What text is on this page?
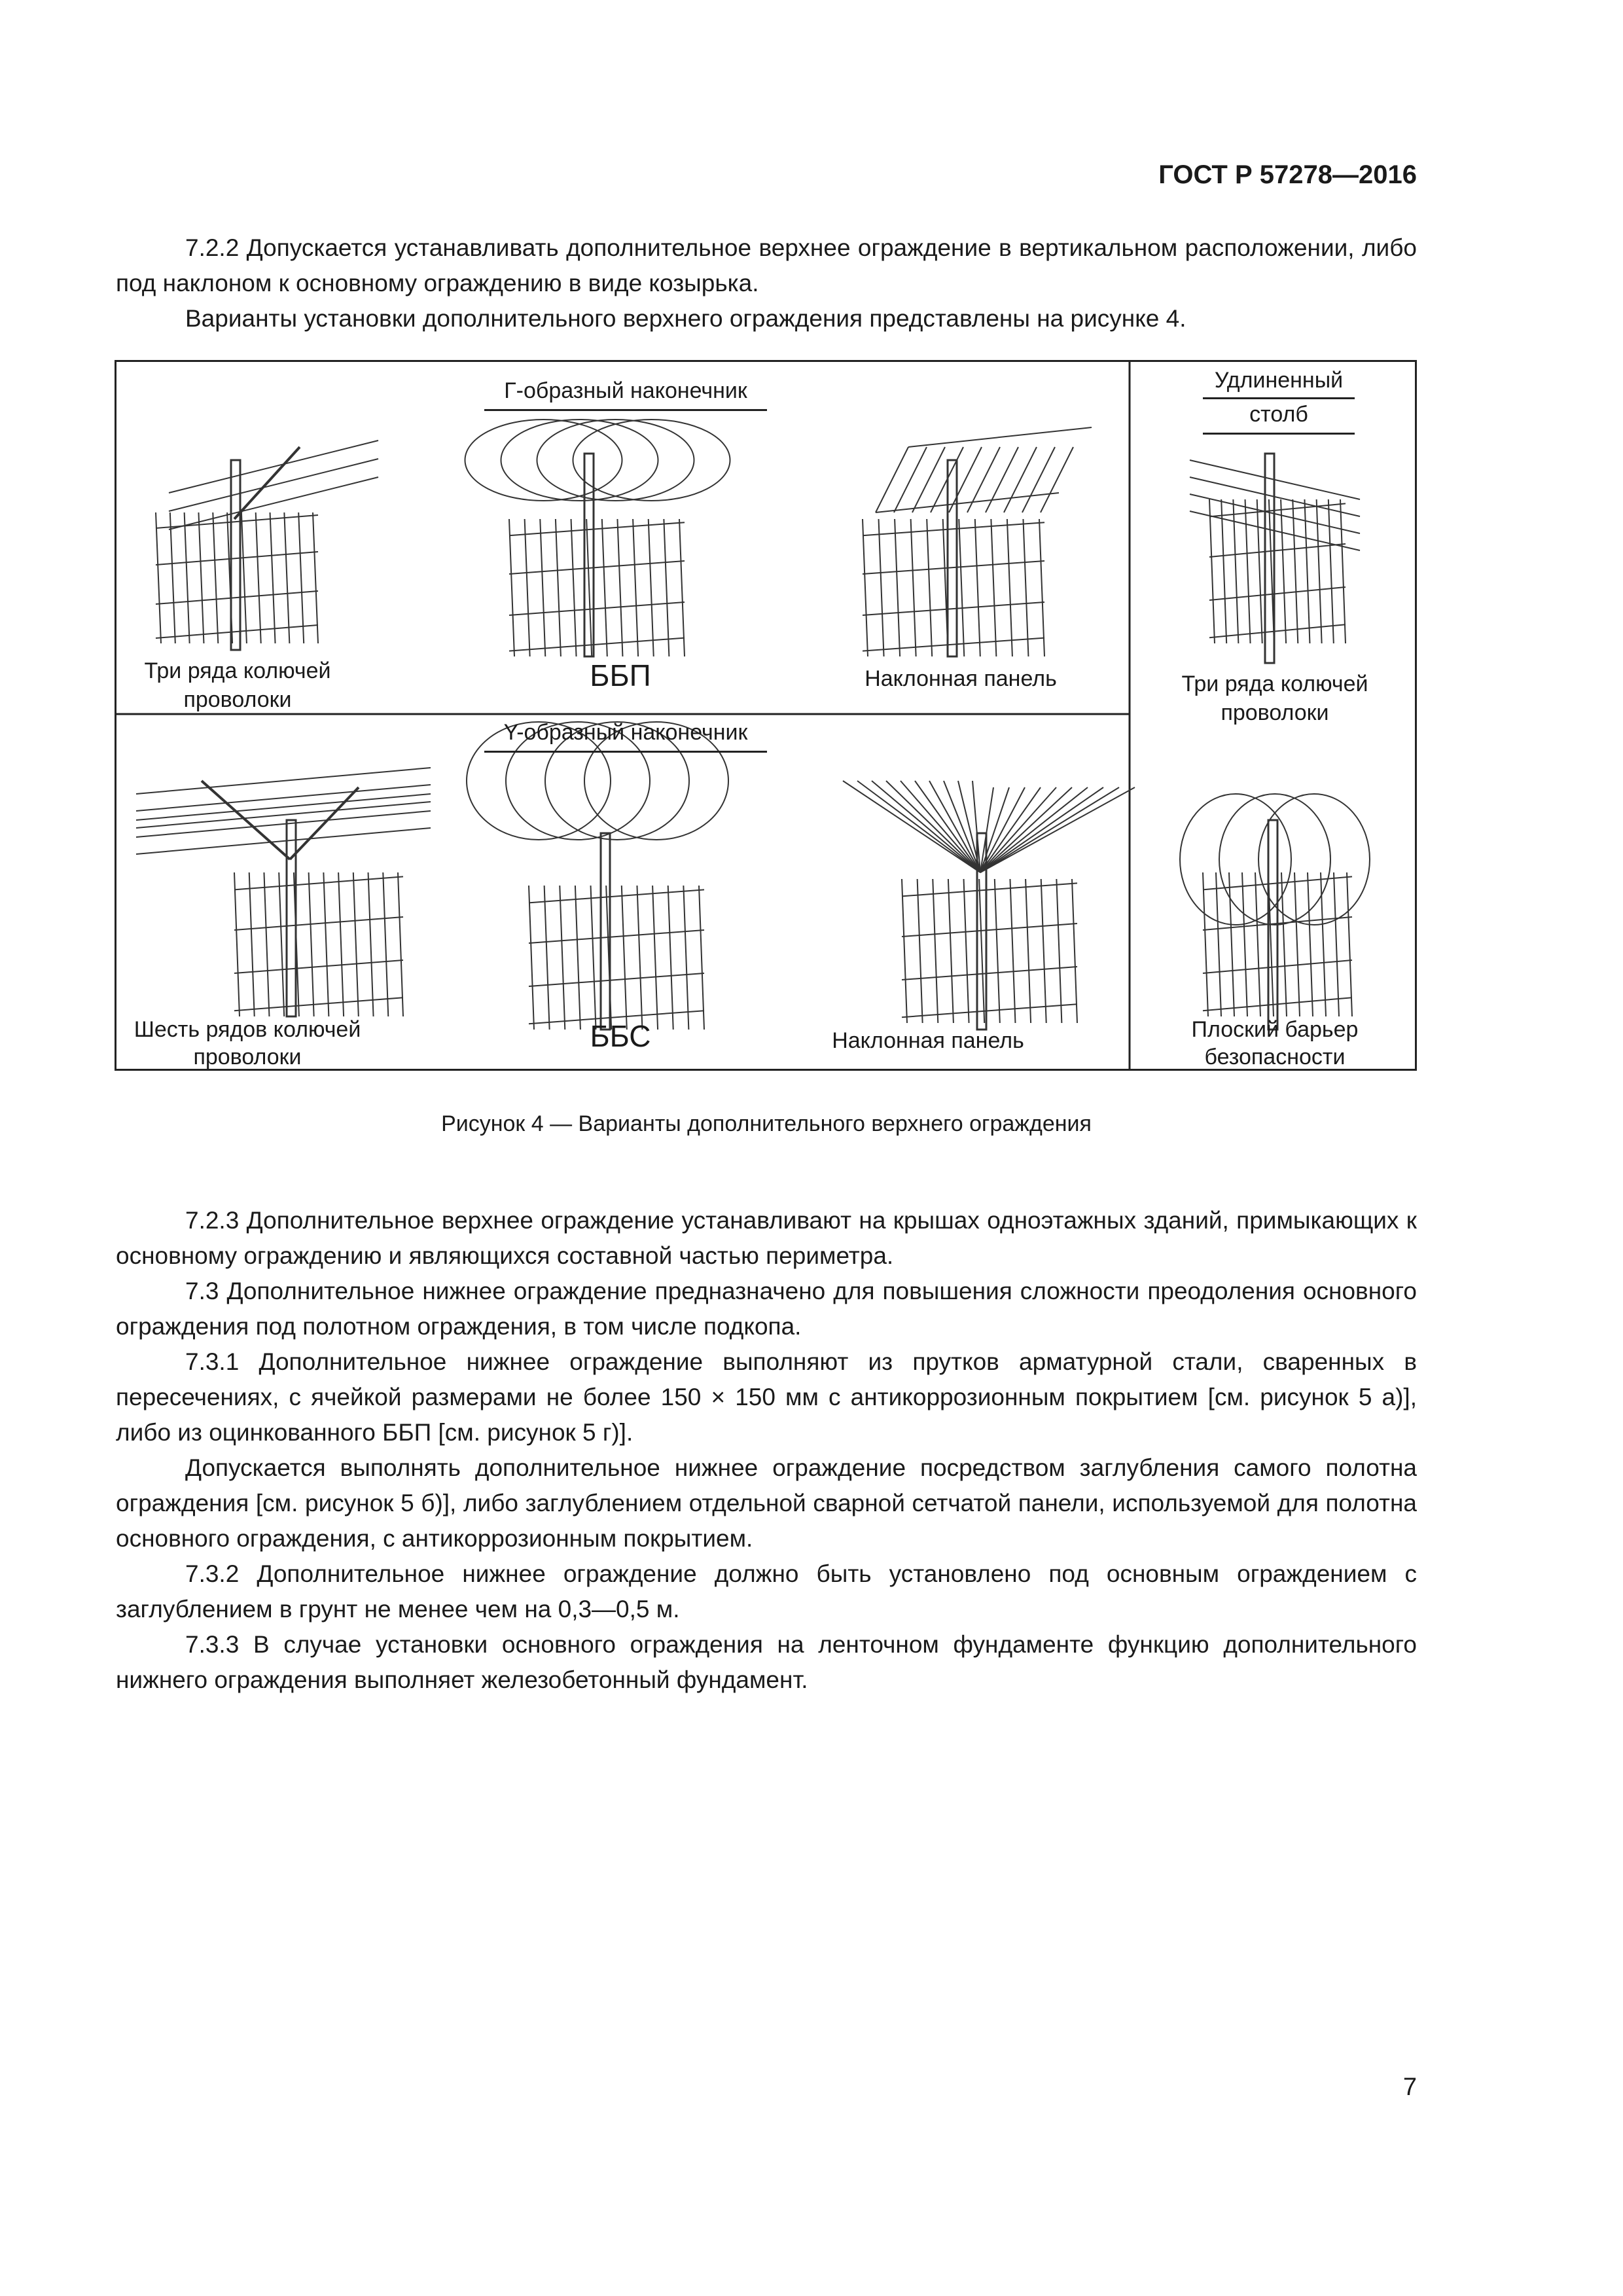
ГОСТ Р 57278—2016

7.2.2 Допускается устанавливать дополнительное верхнее ограждение в вертикальном расположении, либо под наклоном к основному ограждению в виде козырька.

Варианты установки дополнительного верхнего ограждения представлены на рисунке 4.

Г-образный наконечник
Y-образный наконечник
Удлиненный
столб
Три ряда колючей
проволоки
ББП	Наклонная панель	Три ряда колючей
проволоки
Шесть рядов колючей
проволоки
ББС	Наклонная панель	Плоский барьер
безопасности
Рисунок 4 — Варианты дополнительного верхнего ограждения

7.2.3 Дополнительное верхнее ограждение устанавливают на крышах одноэтажных зданий, примыкающих к основному ограждению и являющихся составной частью периметра.

7.3 Дополнительное нижнее ограждение предназначено для повышения сложности преодоления основного ограждения под полотном ограждения, в том числе подкопа.

7.3.1 Дополнительное нижнее ограждение выполняют из прутков арматурной стали, сваренных в пересечениях, с ячейкой размерами не более 150 × 150 мм с антикоррозионным покрытием [см. рисунок 5 а)], либо из оцинкованного ББП [см. рисунок 5 г)].

Допускается выполнять дополнительное нижнее ограждение посредством заглубления самого полотна ограждения [см. рисунок 5 б)], либо заглублением отдельной сварной сетчатой панели, используемой для полотна основного ограждения, с антикоррозионным покрытием.

7.3.2 Дополнительное нижнее ограждение должно быть установлено под основным ограждением с заглублением в грунт не менее чем на 0,3—0,5 м.

7.3.3 В случае установки основного ограждения на ленточном фундаменте функцию дополнительного нижнего ограждения выполняет железобетонный фундамент.

7
